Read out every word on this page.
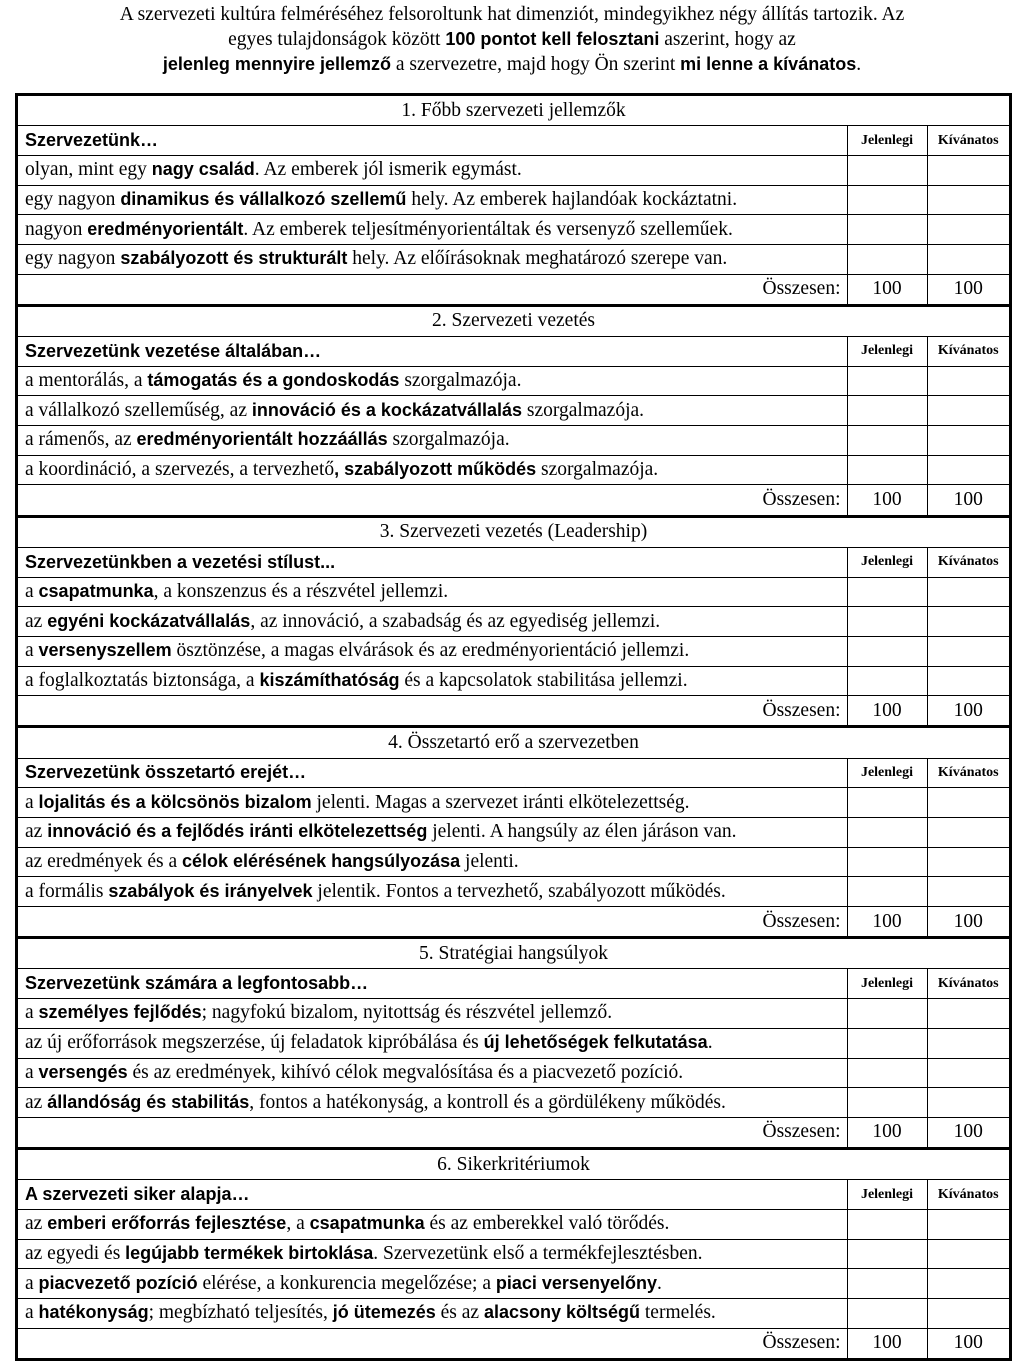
A szervezeti kultúra felméréséhez felsoroltunk hat dimenziót, mindegyikhez négy állítás tartozik. Az
egyes tulajdonságok között 100 pontot kell felosztani aszerint, hogy az
jelenleg mennyire jellemző a szervezetre, majd hogy Ön szerint mi lenne a kívánatos.
1. Főbb szervezeti jellemzők		
Szervezetünk…	Jelenlegi	Kívánatos
olyan, mint egy nagy család. Az emberek jól ismerik egymást.		
egy nagyon dinamikus és vállalkozó szellemű hely. Az emberek hajlandóak kockáztatni.		
nagyon eredményorientált. Az emberek teljesítményorientáltak és versenyző szelleműek.		
egy nagyon szabályozott és strukturált hely. Az előírásoknak meghatározó szerepe van.		
Összesen:	100	100
2. Szervezeti vezetés		
Szervezetünk vezetése általában…	Jelenlegi	Kívánatos
a mentorálás, a támogatás és a gondoskodás szorgalmazója.		
a vállalkozó szelleműség, az innováció és a kockázatvállalás szorgalmazója.		
a rámenős, az eredményorientált hozzáállás szorgalmazója.		
a koordináció, a szervezés, a tervezhető, szabályozott működés szorgalmazója.		
Összesen:	100	100
3. Szervezeti vezetés (Leadership)		
Szervezetünkben a vezetési stílust...	Jelenlegi	Kívánatos
a csapatmunka, a konszenzus és a részvétel jellemzi.		
az egyéni kockázatvállalás, az innováció, a szabadság és az egyediség jellemzi.		
a versenyszellem ösztönzése, a magas elvárások és az eredményorientáció jellemzi.		
a foglalkoztatás biztonsága, a kiszámíthatóság és a kapcsolatok stabilitása jellemzi.		
Összesen:	100	100
4. Összetartó erő a szervezetben		
Szervezetünk összetartó erejét…	Jelenlegi	Kívánatos
a lojalitás és a kölcsönös bizalom jelenti. Magas a szervezet iránti elkötelezettség.		
az innováció és a fejlődés iránti elkötelezettség jelenti. A hangsúly az élen járáson van.		
az eredmények és a célok elérésének hangsúlyozása jelenti.		
a formális szabályok és irányelvek jelentik. Fontos a tervezhető, szabályozott működés.		
Összesen:	100	100
5. Stratégiai hangsúlyok		
Szervezetünk számára a legfontosabb…	Jelenlegi	Kívánatos
a személyes fejlődés; nagyfokú bizalom, nyitottság és részvétel jellemző.		
az új erőforrások megszerzése, új feladatok kipróbálása és új lehetőségek felkutatása.		
a versengés és az eredmények, kihívó célok megvalósítása és a piacvezető pozíció.		
az állandóság és stabilitás, fontos a hatékonyság, a kontroll és a gördülékeny működés.		
Összesen:	100	100
6. Sikerkritériumok		
A szervezeti siker alapja…	Jelenlegi	Kívánatos
az emberi erőforrás fejlesztése, a csapatmunka és az emberekkel való törődés.		
az egyedi és legújabb termékek birtoklása. Szervezetünk első a termékfejlesztésben.		
a piacvezető pozíció elérése, a konkurencia megelőzése; a piaci versenyelőny.		
a hatékonyság; megbízható teljesítés, jó ütemezés és az alacsony költségű termelés.		
Összesen:	100	100
